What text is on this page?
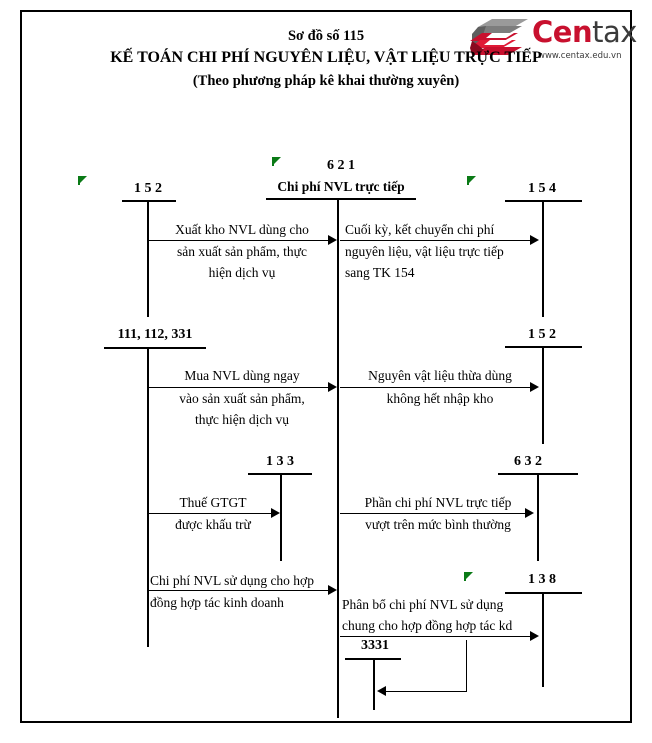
Centax
www.centax.edu.vn
Sơ đồ số 115
KẾ TOÁN CHI PHÍ NGUYÊN LIỆU, VẬT LIỆU TRỰC TIẾP
(Theo phương pháp kê khai thường xuyên)
1 5 2
6 2 1
Chi phí NVL trực tiếp	1 5 4
Xuất kho NVL dùng cho
sản xuất sản phẩm, thực
hiện dịch vụ
Cuối kỳ, kết chuyển chi phí
nguyên liệu, vật liệu trực tiếp
sang TK 154
111, 112, 331	1 5 2
Mua NVL dùng ngay
vào sản xuất sản phẩm,
thực hiện dịch vụ
Nguyên vật liệu thừa dùng
không hết nhập kho
1 3 3	6 3 2
Thuế GTGT
được khấu trừ
Phần chi phí NVL trực tiếp
vượt trên mức bình thường
1 3 8
Chi phí NVL sử dụng cho hợp
đồng hợp tác kinh doanh	Phân bổ chi phí NVL sử dụng
chung cho hợp đồng hợp tác kd
3331
